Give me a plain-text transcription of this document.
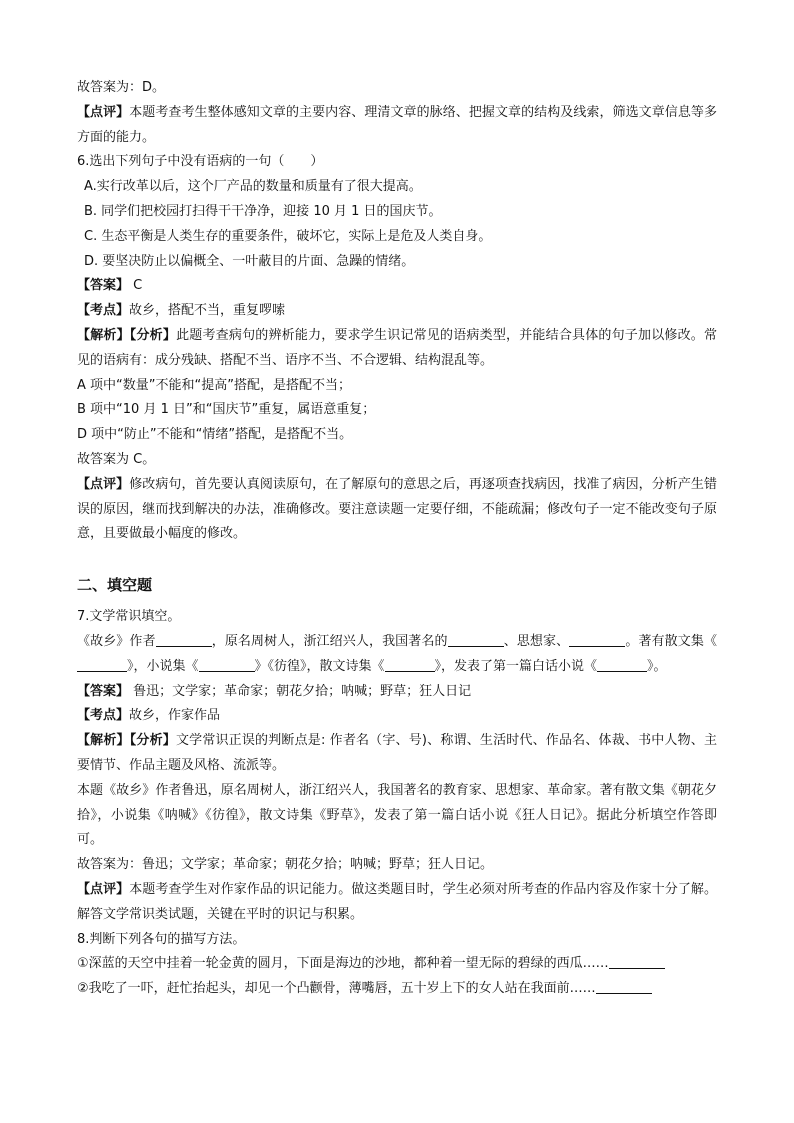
故答案为：D。

【点评】本题考查考生整体感知文章的主要内容、理清文章的脉络、把握文章的结构及线索，筛选文章信息等多方面的能力。

6.选出下列句子中没有语病的一句（　　）

A.实行改革以后，这个厂产品的数量和质量有了很大提高。

B. 同学们把校园打扫得干干净净，迎接 10 月 1 日的国庆节。

C. 生态平衡是人类生存的重要条件，破坏它，实际上是危及人类自身。

D. 要坚决防止以偏概全、一叶蔽目的片面、急躁的情绪。

【答案】 C

【考点】故乡，搭配不当，重复啰嗦

【解析】【分析】此题考查病句的辨析能力，要求学生识记常见的语病类型，并能结合具体的句子加以修改。常见的语病有：成分残缺、搭配不当、语序不当、不合逻辑、结构混乱等。

A 项中“数量”不能和“提高”搭配，是搭配不当；

B 项中“10 月 1 日”和“国庆节”重复，属语意重复；

D 项中“防止”不能和“情绪”搭配，是搭配不当。

故答案为 C。

【点评】修改病句，首先要认真阅读原句，在了解原句的意思之后，再逐项查找病因，找准了病因，分析产生错误的原因，继而找到解决的办法，准确修改。要注意读题一定要仔细，不能疏漏；修改句子一定不能改变句子原意，且要做最小幅度的修改。

二、填空题

7.文学常识填空。

《故乡》作者	，原名周树人，浙江绍兴人，我国著名的	、思想家、	。著有散文集《》，小说集《	》《彷徨》，散文诗集《	》，发表了第一篇白话小说《	》。

【答案】 鲁迅；文学家；革命家；朝花夕拾；呐喊；野草；狂人日记

【考点】故乡，作家作品

【解析】【分析】文学常识正误的判断点是: 作者名（字、号)、称谓、生活时代、作品名、体裁、书中人物、主要情节、作品主题及风格、流派等。

本题《故乡》作者鲁迅，原名周树人，浙江绍兴人，我国著名的教育家、思想家、革命家。著有散文集《朝花夕拾》，小说集《呐喊》《彷徨》，散文诗集《野草》，发表了第一篇白话小说《狂人日记》。据此分析填空作答即可。

故答案为：鲁迅；文学家；革命家；朝花夕拾；呐喊；野草；狂人日记。

【点评】本题考查学生对作家作品的识记能力。做这类题目时，学生必须对所考查的作品内容及作家十分了解。解答文学常识类试题，关键在平时的识记与积累。

8.判断下列各句的描写方法。

①深蓝的天空中挂着一轮金黄的圆月，下面是海边的沙地，都种着一望无际的碧绿的西瓜……

②我吃了一吓，赶忙抬起头，却见一个凸颧骨，薄嘴唇，五十岁上下的女人站在我面前……
